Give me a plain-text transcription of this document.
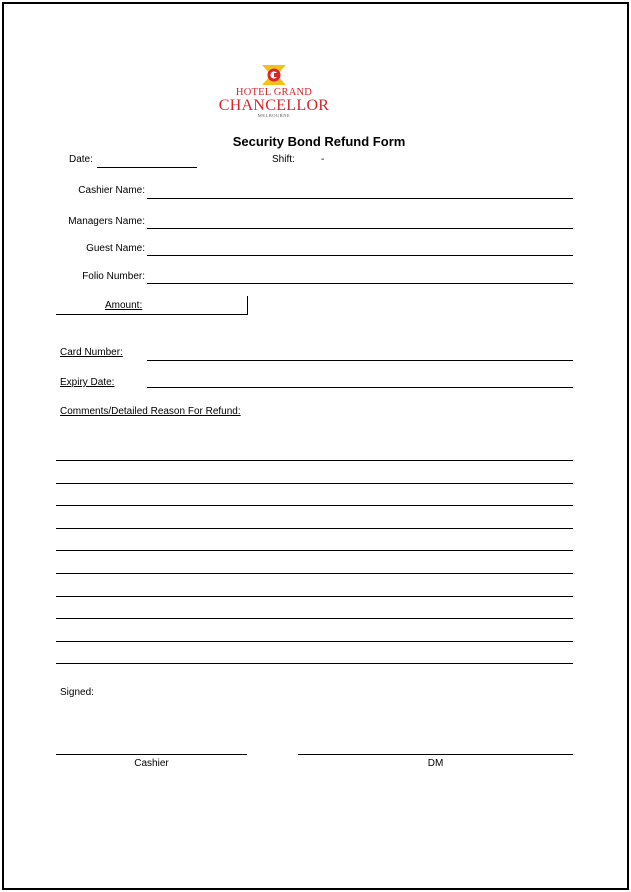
HOTEL GRAND
CHANCELLOR
MELBOURNE
Security Bond Refund Form
Date:	Shift:	-
Cashier Name:
Managers Name:
Guest Name:
Folio Number:
Amount:
Card Number:
Expiry Date:
Comments/Detailed Reason For Refund:
Signed:
Cashier	DM
